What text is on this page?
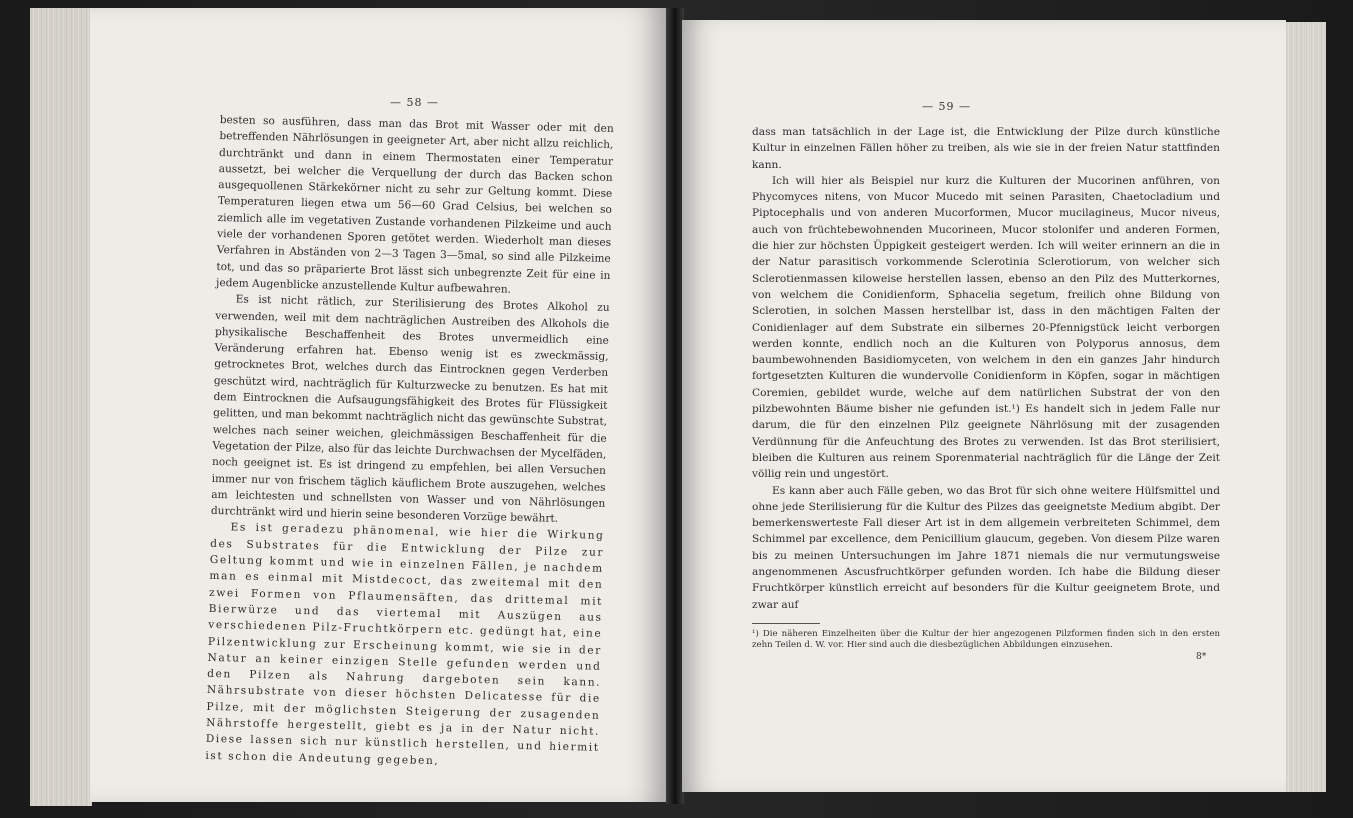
— 58 —

besten so ausführen, dass man das Brot mit Wasser oder mit den betreffenden Nährlösungen in geeigneter Art, aber nicht allzu reichlich, durchtränkt und dann in einem Thermostaten einer Temperatur aussetzt, bei welcher die Verquellung der durch das Backen schon ausgequollenen Stärkekörner nicht zu sehr zur Geltung kommt. Diese Temperaturen liegen etwa um 56—60 Grad Celsius, bei welchen so ziemlich alle im vegetativen Zustande vorhandenen Pilzkeime und auch viele der vorhandenen Sporen getötet werden. Wiederholt man dieses Verfahren in Abständen von 2—3 Tagen 3—5mal, so sind alle Pilzkeime tot, und das so präparierte Brot lässt sich unbegrenzte Zeit für eine in jedem Augenblicke anzustellende Kultur aufbewahren.

Es ist nicht rätlich, zur Sterilisierung des Brotes Alkohol zu verwenden, weil mit dem nachträglichen Austreiben des Alkohols die physikalische Beschaffenheit des Brotes unvermeidlich eine Veränderung erfahren hat. Ebenso wenig ist es zweckmässig, getrocknetes Brot, welches durch das Eintrocknen gegen Verderben geschützt wird, nachträglich für Kulturzwecke zu benutzen. Es hat mit dem Eintrocknen die Aufsaugungsfähigkeit des Brotes für Flüssigkeit gelitten, und man bekommt nachträglich nicht das gewünschte Substrat, welches nach seiner weichen, gleichmässigen Beschaffenheit für die Vegetation der Pilze, also für das leichte Durchwachsen der Mycelfäden, noch geeignet ist. Es ist dringend zu empfehlen, bei allen Versuchen immer nur von frischem täglich käuflichem Brote auszugehen, welches am leichtesten und schnellsten von Wasser und von Nährlösungen durchtränkt wird und hierin seine besonderen Vorzüge bewährt.

Es ist geradezu phänomenal, wie hier die Wirkung des Substrates für die Entwicklung der Pilze zur Geltung kommt und wie in einzelnen Fällen, je nachdem man es einmal mit Mistdecoct, das zweitemal mit den zwei Formen von Pflaumensäften, das drittemal mit Bierwürze und das viertemal mit Auszügen aus verschiedenen Pilz-Fruchtkörpern etc. gedüngt hat, eine Pilzentwicklung zur Erscheinung kommt, wie sie in der Natur an keiner einzigen Stelle gefunden werden und den Pilzen als Nahrung dargeboten sein kann. Nährsubstrate von dieser höchsten Delicatesse für die Pilze, mit der möglichsten Steigerung der zusagenden Nährstoffe hergestellt, giebt es ja in der Natur nicht. Diese lassen sich nur künstlich herstellen, und hiermit ist schon die Andeutung gegeben,

— 59 —

dass man tatsächlich in der Lage ist, die Entwicklung der Pilze durch künstliche Kultur in einzelnen Fällen höher zu treiben, als wie sie in der freien Natur stattfinden kann.

Ich will hier als Beispiel nur kurz die Kulturen der Mucorinen anführen, von Phycomyces nitens, von Mucor Mucedo mit seinen Parasiten, Chaetocladium und Piptocephalis und von anderen Mucorformen, Mucor mucilagineus, Mucor niveus, auch von früchtebewohnenden Mucorineen, Mucor stolonifer und anderen Formen, die hier zur höchsten Üppigkeit gesteigert werden. Ich will weiter erinnern an die in der Natur parasitisch vorkommende Sclerotinia Sclerotiorum, von welcher sich Sclerotienmassen kiloweise herstellen lassen, ebenso an den Pilz des Mutterkornes, von welchem die Conidienform, Sphacelia segetum, freilich ohne Bildung von Sclerotien, in solchen Massen herstellbar ist, dass in den mächtigen Falten der Conidienlager auf dem Substrate ein silbernes 20-Pfennigstück leicht verborgen werden konnte, endlich noch an die Kulturen von Polyporus annosus, dem baumbewohnenden Basidiomyceten, von welchem in den ein ganzes Jahr hindurch fortgesetzten Kulturen die wundervolle Conidienform in Köpfen, sogar in mächtigen Coremien, gebildet wurde, welche auf dem natürlichen Substrat der von den pilzbewohnten Bäume bisher nie gefunden ist.¹) Es handelt sich in jedem Falle nur darum, die für den einzelnen Pilz geeignete Nährlösung mit der zusagenden Verdünnung für die Anfeuchtung des Brotes zu verwenden. Ist das Brot sterilisiert, bleiben die Kulturen aus reinem Sporenmaterial nachträglich für die Länge der Zeit völlig rein und ungestört.

Es kann aber auch Fälle geben, wo das Brot für sich ohne weitere Hülfsmittel und ohne jede Sterilisierung für die Kultur des Pilzes das geeignetste Medium abgibt. Der bemerkenswerteste Fall dieser Art ist in dem allgemein verbreiteten Schimmel, dem Schimmel par excellence, dem Penicillium glaucum, gegeben. Von diesem Pilze waren bis zu meinen Untersuchungen im Jahre 1871 niemals die nur vermutungsweise angenommenen Ascusfruchtkörper gefunden worden. Ich habe die Bildung dieser Fruchtkörper künstlich erreicht auf besonders für die Kultur geeignetem Brote, und zwar auf

¹) Die näheren Einzelheiten über die Kultur der hier angezogenen Pilzformen finden sich in den ersten zehn Teilen d. W. vor. Hier sind auch die diesbezüglichen Abbildungen einzusehen.
8*
